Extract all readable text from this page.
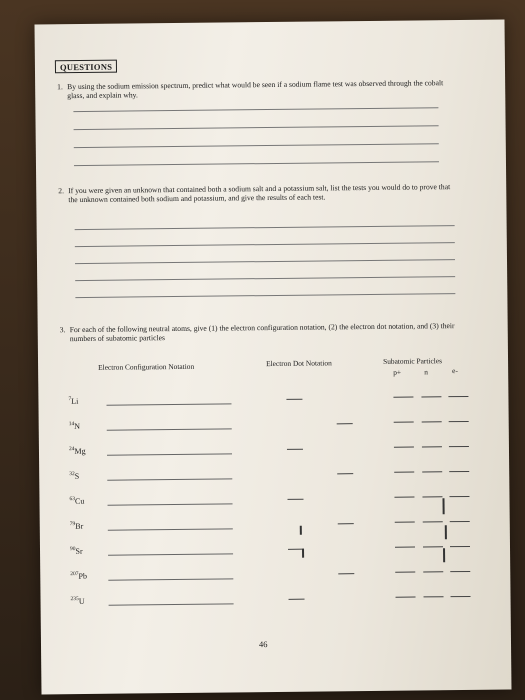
QUESTIONS
1. By using the sodium emission spectrum, predict what would be seen if a sodium flame test was observed through the cobalt glass, and explain why.
2. If you were given an unknown that contained both a sodium salt and a potassium salt, list the tests you would do to prove that the unknown contained both sodium and potassium, and give the results of each test.
3. For each of the following neutral atoms, give (1) the electron configuration notation, (2) the electron dot notation, and (3) their numbers of subatomic particles
Electron Configuration Notation	Electron Dot Notation	Subatomic Particles
p+	n	e-
$^7$Li
$^{14}$N
$^{24}$Mg
$^{32}$S
$^{63}$Cu
$^{79}$Br
$^{90}$Sr
$^{207}$Pb
$^{235}$U
46
